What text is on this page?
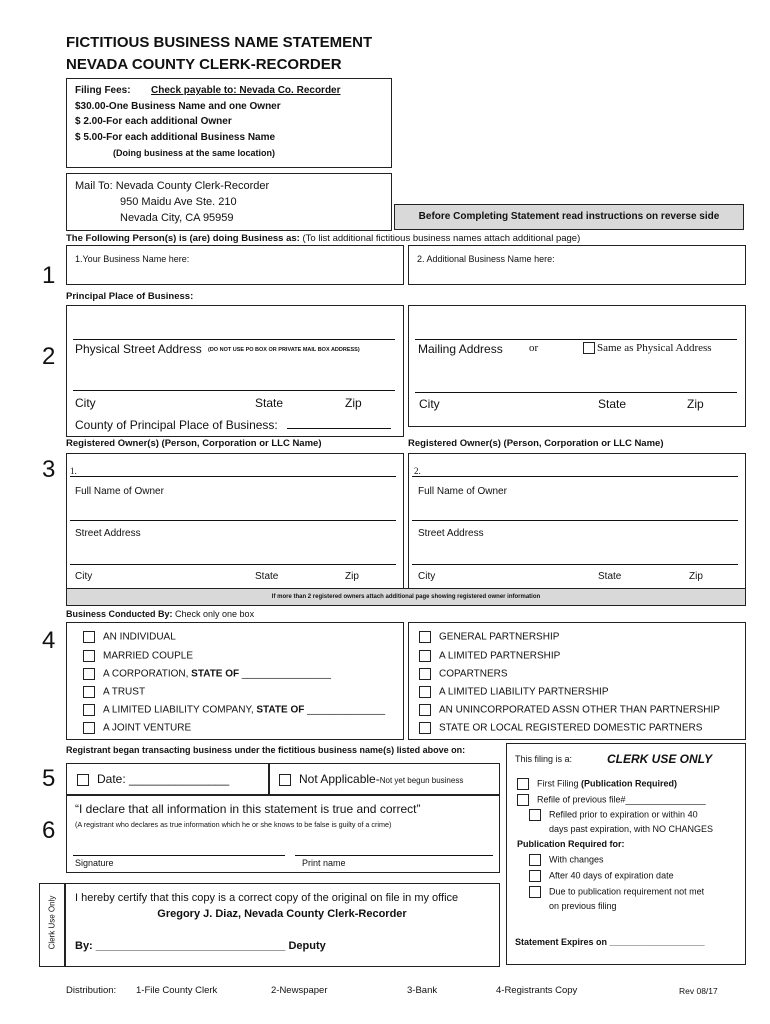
FICTITIOUS BUSINESS NAME STATEMENT
NEVADA COUNTY CLERK-RECORDER
Filing Fees: Check payable to: Nevada Co. Recorder
$30.00-One Business Name and one Owner
$ 2.00-For each additional Owner
$ 5.00-For each additional Business Name
(Doing business at the same location)
Mail To: Nevada County Clerk-Recorder
950 Maidu Ave Ste. 210
Nevada City, CA 95959	Before Completing Statement read instructions on reverse side
The Following Person(s) is (are) doing Business as: (To list additional fictitious business names attach additional page)
1
1.Your Business Name here:	2. Additional Business Name here:
Principal Place of Business:
2 Physical Street Address (DO NOT USE PO BOX OR PRIVATE MAIL BOX ADDRESS)
City	State	Zip
County of Principal Place of Business:
Mailing Address or	Same as Physical Address
City	State	Zip
Registered Owner(s) (Person, Corporation or LLC Name)	Registered Owner(s) (Person, Corporation or LLC Name)
3 1.
Full Name of Owner
Street Address
City	State	Zip
2.
Full Name of Owner
Street Address
City	State	Zip
If more than 2 registered owners attach additional page showing registered owner information
Business Conducted By: Check only one box
4	AN INDIVIDUAL
MARRIED COUPLE
A CORPORATION, STATE OF ________________
A TRUST
A LIMITED LIABILITY COMPANY, STATE OF ______________
A JOINT VENTURE
GENERAL PARTNERSHIP
A LIMITED PARTNERSHIP
COPARTNERS
A LIMITED LIABILITY PARTNERSHIP
AN UNINCORPORATED ASSN OTHER THAN PARTNERSHIP
STATE OR LOCAL REGISTERED DOMESTIC PARTNERS
Registrant began transacting business under the fictitious business name(s) listed above on:
5	Date: _______________	Not Applicable-Not yet begun business
6
“I declare that all information in this statement is true and correct”
(A registrant who declares as true information which he or she knows to be false is guilty of a crime)
Signature	Print name
Clerk Use Only I hereby certify that this copy is a correct copy of the original on file in my office
Gregory J. Diaz, Nevada County Clerk-Recorder
By: _______________________________ Deputy
This filing is a:	CLERK USE ONLY
First Filing (Publication Required)
Refile of previous file#________________
Refiled prior to expiration or within 40
days past expiration, with NO CHANGES
Publication Required for:
With changes
After 40 days of expiration date
Due to publication requirement not met
on previous filing
Statement Expires on ___________________
Distribution: 1-File County Clerk	2-Newspaper	3-Bank	4-Registrants Copy	Rev 08/17
